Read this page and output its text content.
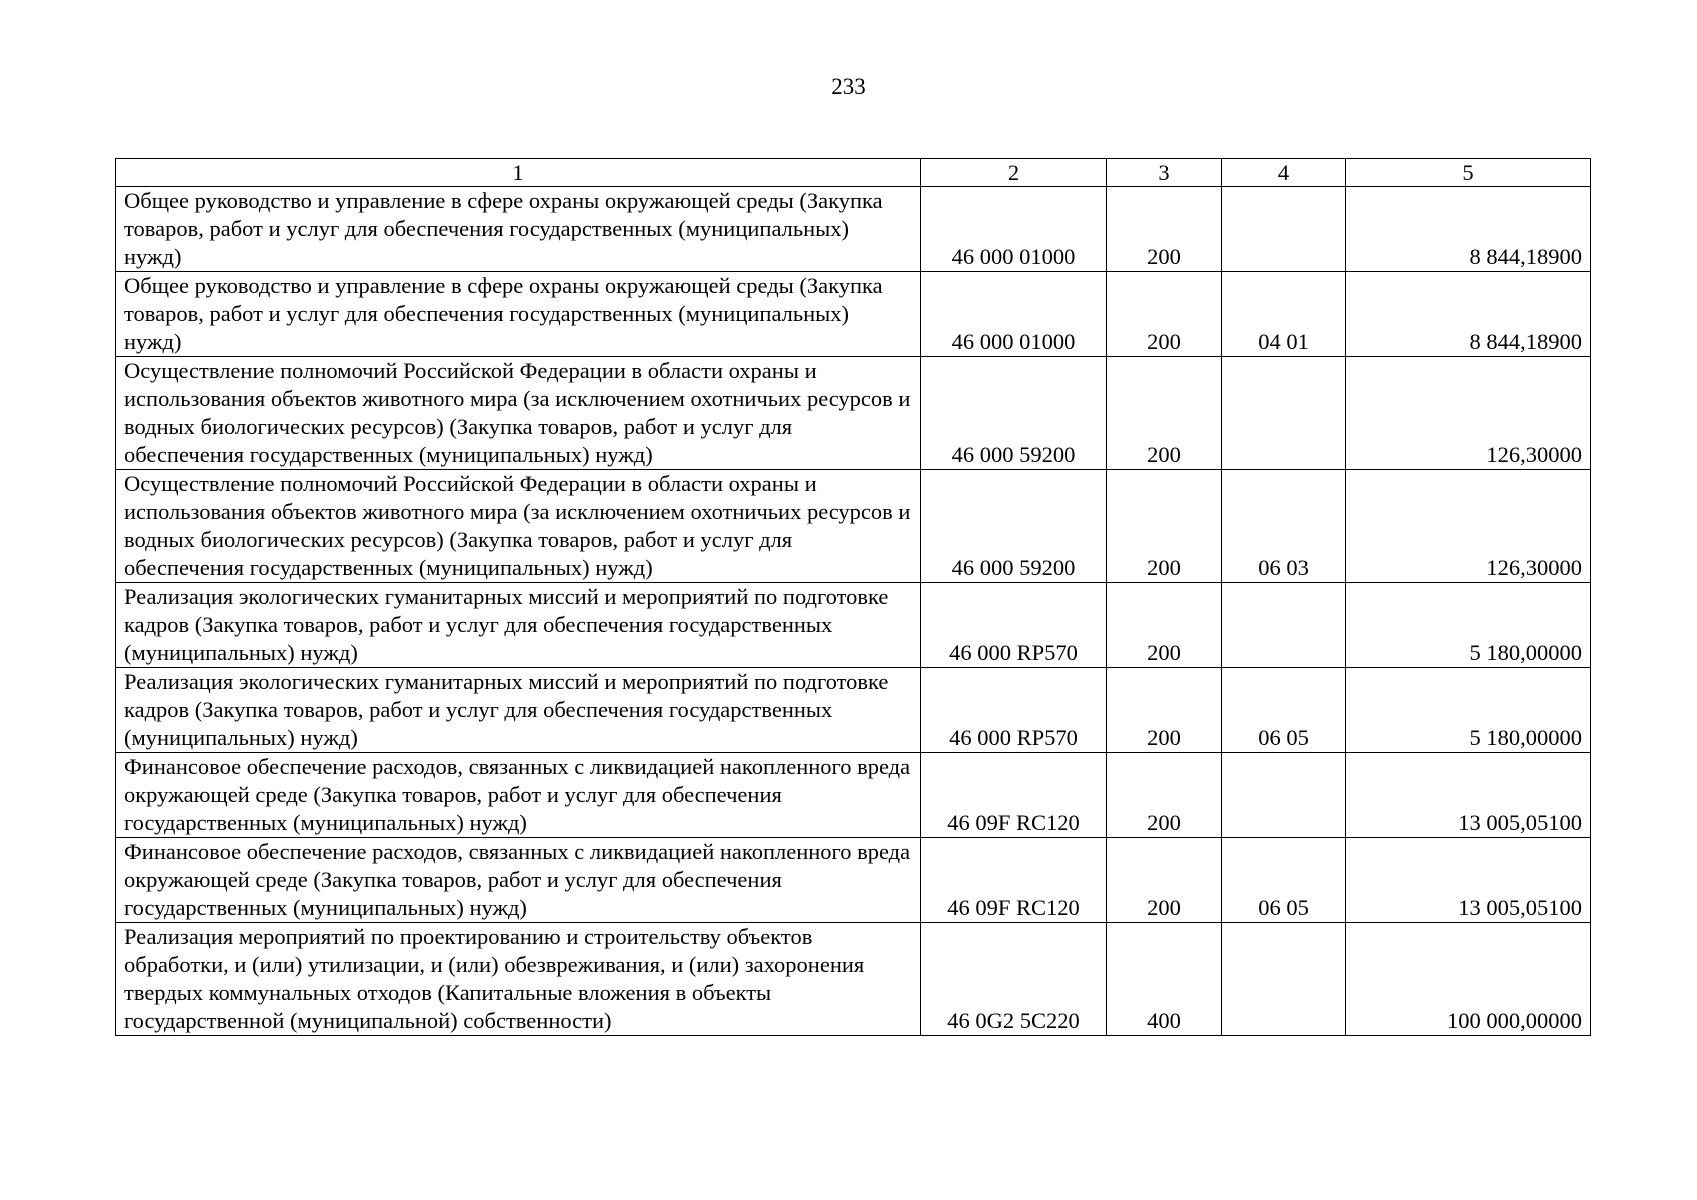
233
1	2	3	4	5
Общее руководство и управление в сфере охраны окружающей среды (Закупка товаров, работ и услуг для обеспечения государственных (муниципальных) нужд)	46 000 01000	200		8 844,18900
Общее руководство и управление в сфере охраны окружающей среды (Закупка товаров, работ и услуг для обеспечения государственных (муниципальных) нужд)	46 000 01000	200	04 01	8 844,18900
Осуществление полномочий Российской Федерации в области охраны и использования объектов животного мира (за исключением охотничьих ресурсов и водных биологических ресурсов) (Закупка товаров, работ и услуг для обеспечения государственных (муниципальных) нужд)	46 000 59200	200		126,30000
Осуществление полномочий Российской Федерации в области охраны и использования объектов животного мира (за исключением охотничьих ресурсов и водных биологических ресурсов) (Закупка товаров, работ и услуг для обеспечения государственных (муниципальных) нужд)	46 000 59200	200	06 03	126,30000
Реализация экологических гуманитарных миссий и мероприятий по подготовке кадров (Закупка товаров, работ и услуг для обеспечения государственных (муниципальных) нужд)	46 000 RP570	200		5 180,00000
Реализация экологических гуманитарных миссий и мероприятий по подготовке кадров (Закупка товаров, работ и услуг для обеспечения государственных (муниципальных) нужд)	46 000 RP570	200	06 05	5 180,00000
Финансовое обеспечение расходов, связанных с ликвидацией накопленного вреда окружающей среде (Закупка товаров, работ и услуг для обеспечения государственных (муниципальных) нужд)	46 09F RC120	200		13 005,05100
Финансовое обеспечение расходов, связанных с ликвидацией накопленного вреда окружающей среде (Закупка товаров, работ и услуг для обеспечения государственных (муниципальных) нужд)	46 09F RC120	200	06 05	13 005,05100
Реализация мероприятий по проектированию и строительству объектов обработки, и (или) утилизации, и (или) обезвреживания, и (или) захоронения твердых коммунальных отходов (Капитальные вложения в объекты государственной (муниципальной) собственности)	46 0G2 5C220	400		100 000,00000
